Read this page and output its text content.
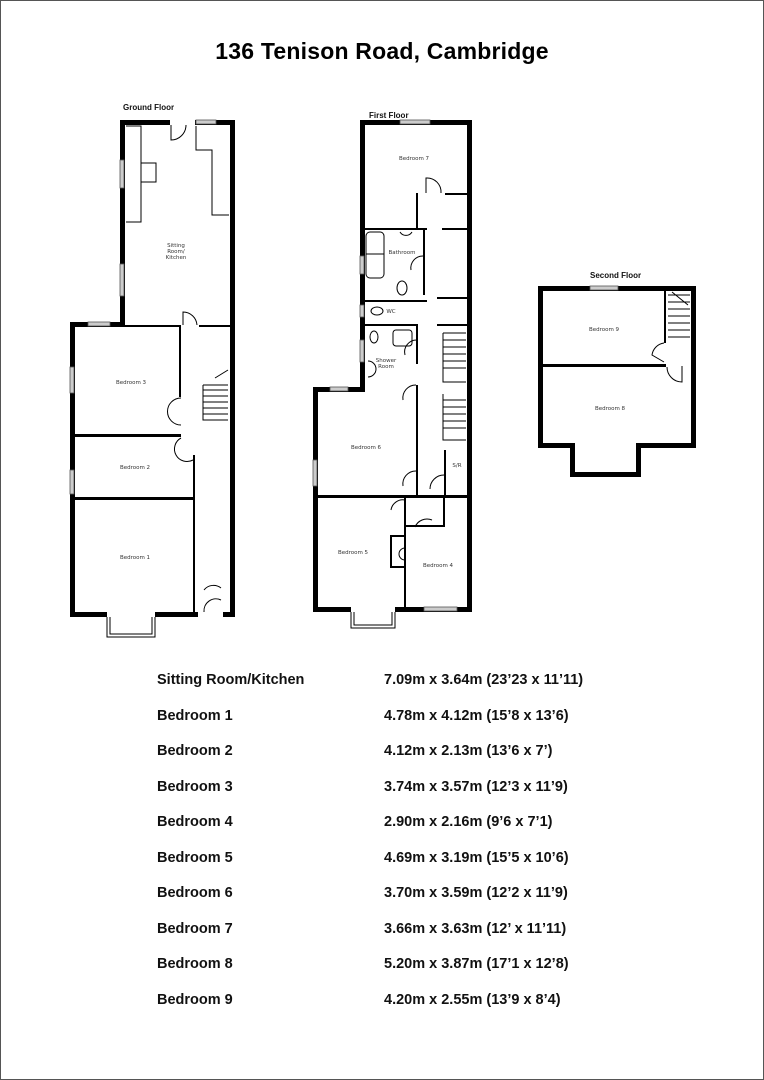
136 Tenison Road, Cambridge
Ground Floor
Sitting
Room/
Kitchen
Bedroom 3
Bedroom 2
Bedroom 1
First Floor
Bedroom 7
Bathroom
WC
Shower
Room
Bedroom 6
S/R
Bedroom 5
Bedroom 4
Second Floor
Bedroom 9
Bedroom 8
Sitting Room/Kitchen	7.09m x 3.64m (23’23 x 11’11)
Bedroom 1	4.78m x 4.12m (15’8 x 13’6)
Bedroom 2	4.12m x 2.13m (13’6 x 7’)
Bedroom 3	3.74m x 3.57m (12’3 x 11’9)
Bedroom 4	2.90m x 2.16m (9’6 x 7’1)
Bedroom 5	4.69m x 3.19m (15’5 x 10’6)
Bedroom 6	3.70m x 3.59m (12’2 x 11’9)
Bedroom 7	3.66m x 3.63m (12’ x 11’11)
Bedroom 8	5.20m x 3.87m (17’1 x 12’8)
Bedroom 9	4.20m x 2.55m (13’9 x 8’4)
